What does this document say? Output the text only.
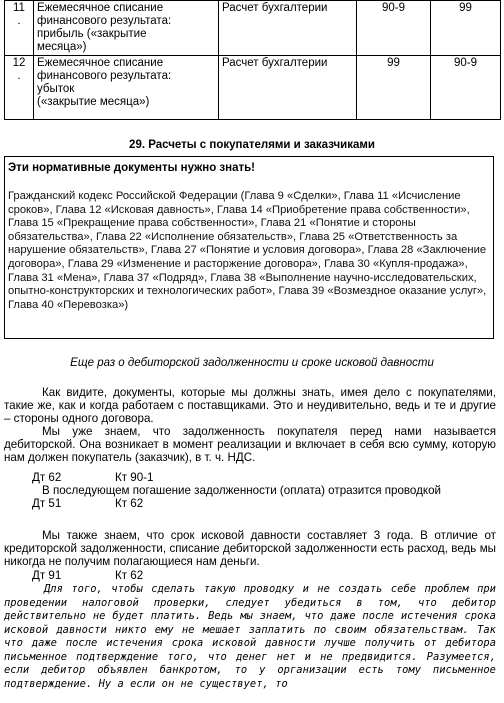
11
.	Ежемесячное списание
финансового результата:
прибыль («закрытие
месяца»)	Расчет бухгалтерии	90-9	99
12
.	Ежемесячное списание
финансового результата:
убыток
(«закрытие месяца»)	Расчет бухгалтерии	99	90-9
29. Расчеты с покупателями и заказчиками
Эти нормативные документы нужно знать!
Гражданский кодекс Российской Федерации (Глава 9 «Сделки», Глава 11 «Исчисление сроков», Глава 12 «Исковая давность», Глава 14 «Приобретение права собственности», Глава 15 «Прекращение права собственности», Глава 21 «Понятие и стороны обязательства», Глава 22 «Исполнение обязательств», Глава 25 «Ответственность за нарушение обязательств», Глава 27 «Понятие и условия договора», Глава 28 «Заключение договора», Глава 29 «Изменение и расторжение договора», Глава 30 «Купля-продажа», Глава 31 «Мена», Глава 37 «Подряд», Глава 38 «Выполнение научно-исследовательских, опытно-конструкторских и технологических работ», Глава 39 «Возмездное оказание услуг», Глава 40 «Перевозка»)
Еще раз о дебиторской задолженности и сроке исковой давности

Как видите, документы, которые мы должны знать, имея дело с покупателями, такие же, как и когда работаем с поставщиками. Это и неудивительно, ведь и те и другие – стороны одного договора.

Мы уже знаем, что задолженность покупателя перед нами называется дебиторской. Она возникает в момент реализации и включает в себя всю сумму, которую нам должен покупатель (заказчик), в т. ч. НДС.

Дт 62	Кт 90-1

В последующем погашение задолженности (оплата) отразится проводкой

Дт 51	Кт 62

Мы также знаем, что срок исковой давности составляет 3 года. В отличие от кредиторской задолженности, списание дебиторской задолженности есть расход, ведь мы никогда не получим полагающиеся нам деньги.

Дт 91	Кт 62

Для того, чтобы сделать такую проводку и не создать себе проблем при проведении налоговой проверки, следует убедиться в том, что дебитор действительно не будет платить. Ведь мы знаем, что даже после истечения срока исковой давности никто ему не мешает заплатить по своим обязательствам. Так что даже после истечения срока исковой давности лучше получить от дебитора письменное подтверждение того, что денег нет и не предвидится. Разумеется, если дебитор объявлен банкротом, то у организации есть тому письменное подтверждение. Ну а если он не существует, то
